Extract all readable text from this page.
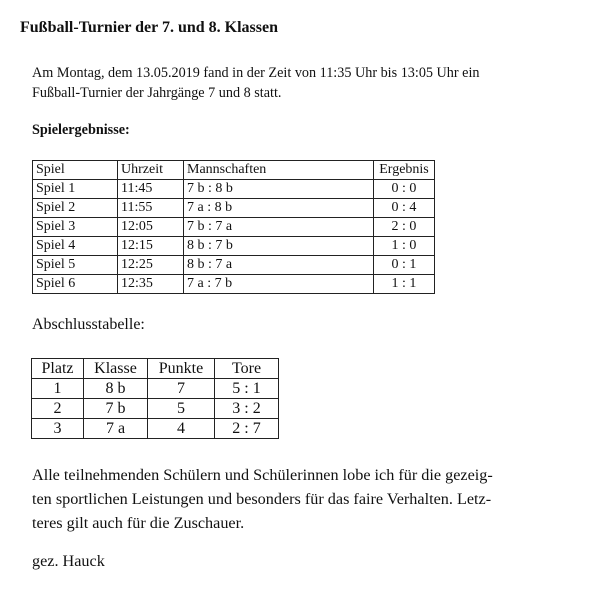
Fußball-Turnier der 7. und 8. Klassen
Am Montag, dem 13.05.2019 fand in der Zeit von 11:35 Uhr bis 13:05 Uhr ein
Fußball-Turnier der Jahrgänge 7 und 8 statt.
Spielergebnisse:
Spiel	Uhrzeit	Mannschaften	Ergebnis
Spiel 1	11:45	7 b : 8 b	0 : 0
Spiel 2	11:55	7 a : 8 b	0 : 4
Spiel 3	12:05	7 b : 7 a	2 : 0
Spiel 4	12:15	8 b : 7 b	1 : 0
Spiel 5	12:25	8 b : 7 a	0 : 1
Spiel 6	12:35	7 a : 7 b	1 : 1
Abschlusstabelle:
Platz	Klasse	Punkte	Tore
1	8 b	7	5 : 1
2	7 b	5	3 : 2
3	7 a	4	2 : 7
Alle teilnehmenden Schülern und Schülerinnen lobe ich für die gezeig-
ten sportlichen Leistungen und besonders für das faire Verhalten. Letz-
teres gilt auch für die Zuschauer.
gez. Hauck
